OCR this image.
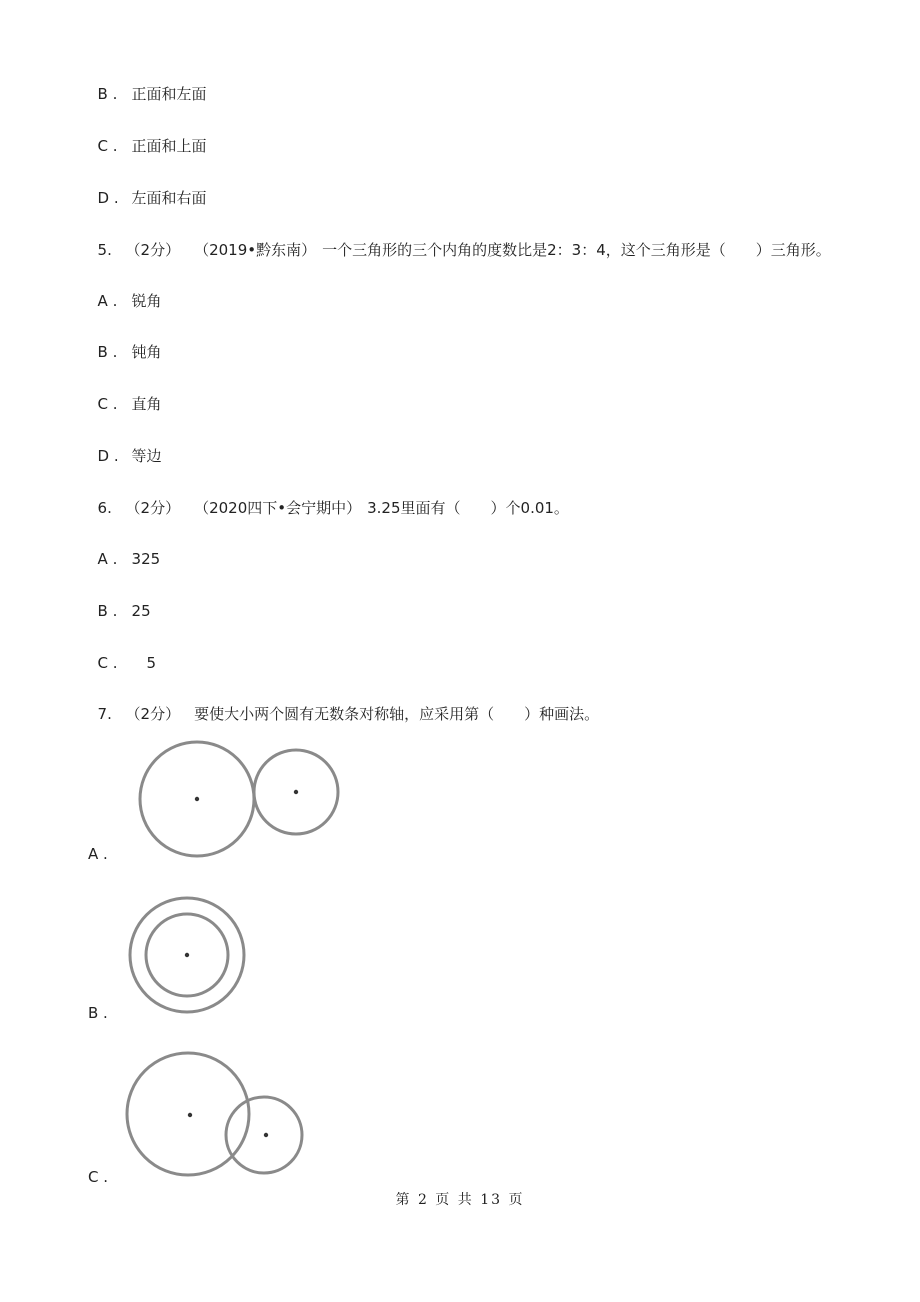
B . 正面和左面

C . 正面和上面

D . 左面和右面

5. （2分） （2019•黔东南） 一个三角形的三个内角的度数比是2：3：4，这个三角形是（　　）三角形。

A . 锐角

B . 钝角

C . 直角

D . 等边

6. （2分） （2020四下•会宁期中） 3.25里面有（　　）个0.01。

A . 325

B . 25

C .　5

7. （2分） 要使大小两个圆有无数条对称轴，应采用第（　　）种画法。

A .
B .
C .
第 2 页 共 13 页
